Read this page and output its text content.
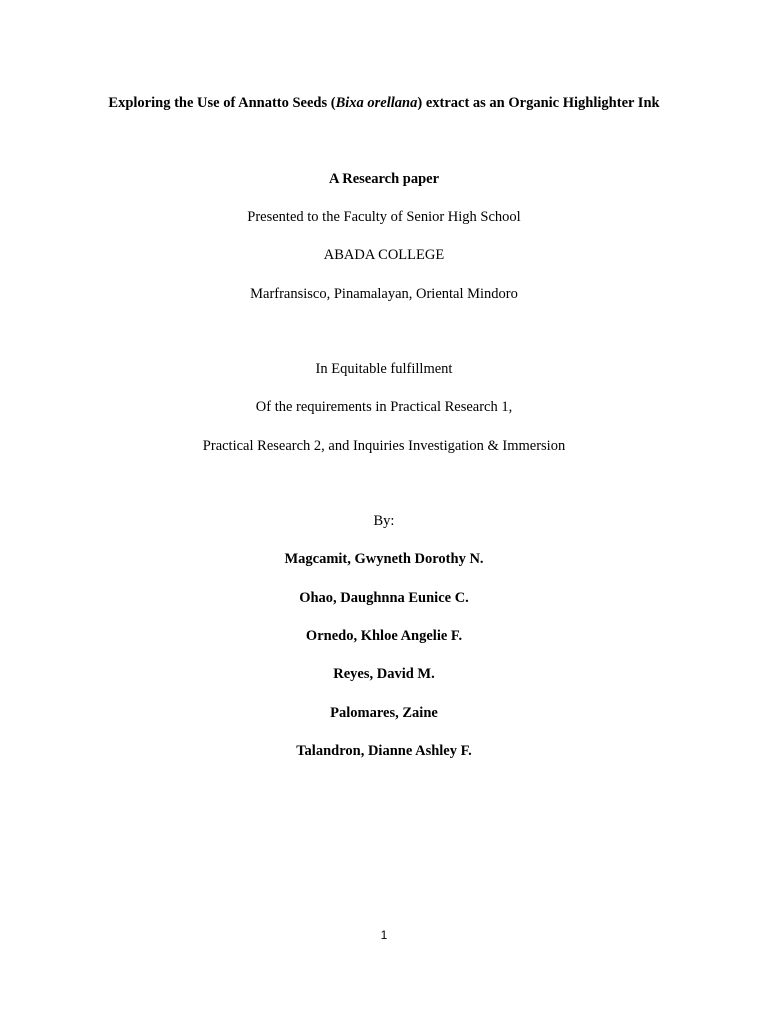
Exploring the Use of Annatto Seeds (Bixa orellana) extract as an Organic Highlighter Ink
A Research paper
Presented to the Faculty of Senior High School
ABADA COLLEGE
Marfransisco, Pinamalayan, Oriental Mindoro
In Equitable fulfillment
Of the requirements in Practical Research 1,
Practical Research 2, and Inquiries Investigation & Immersion
By:
Magcamit, Gwyneth Dorothy N.
Ohao, Daughnna Eunice C.
Ornedo, Khloe Angelie F.
Reyes, David M.
Palomares, Zaine
Talandron, Dianne Ashley F.
1
